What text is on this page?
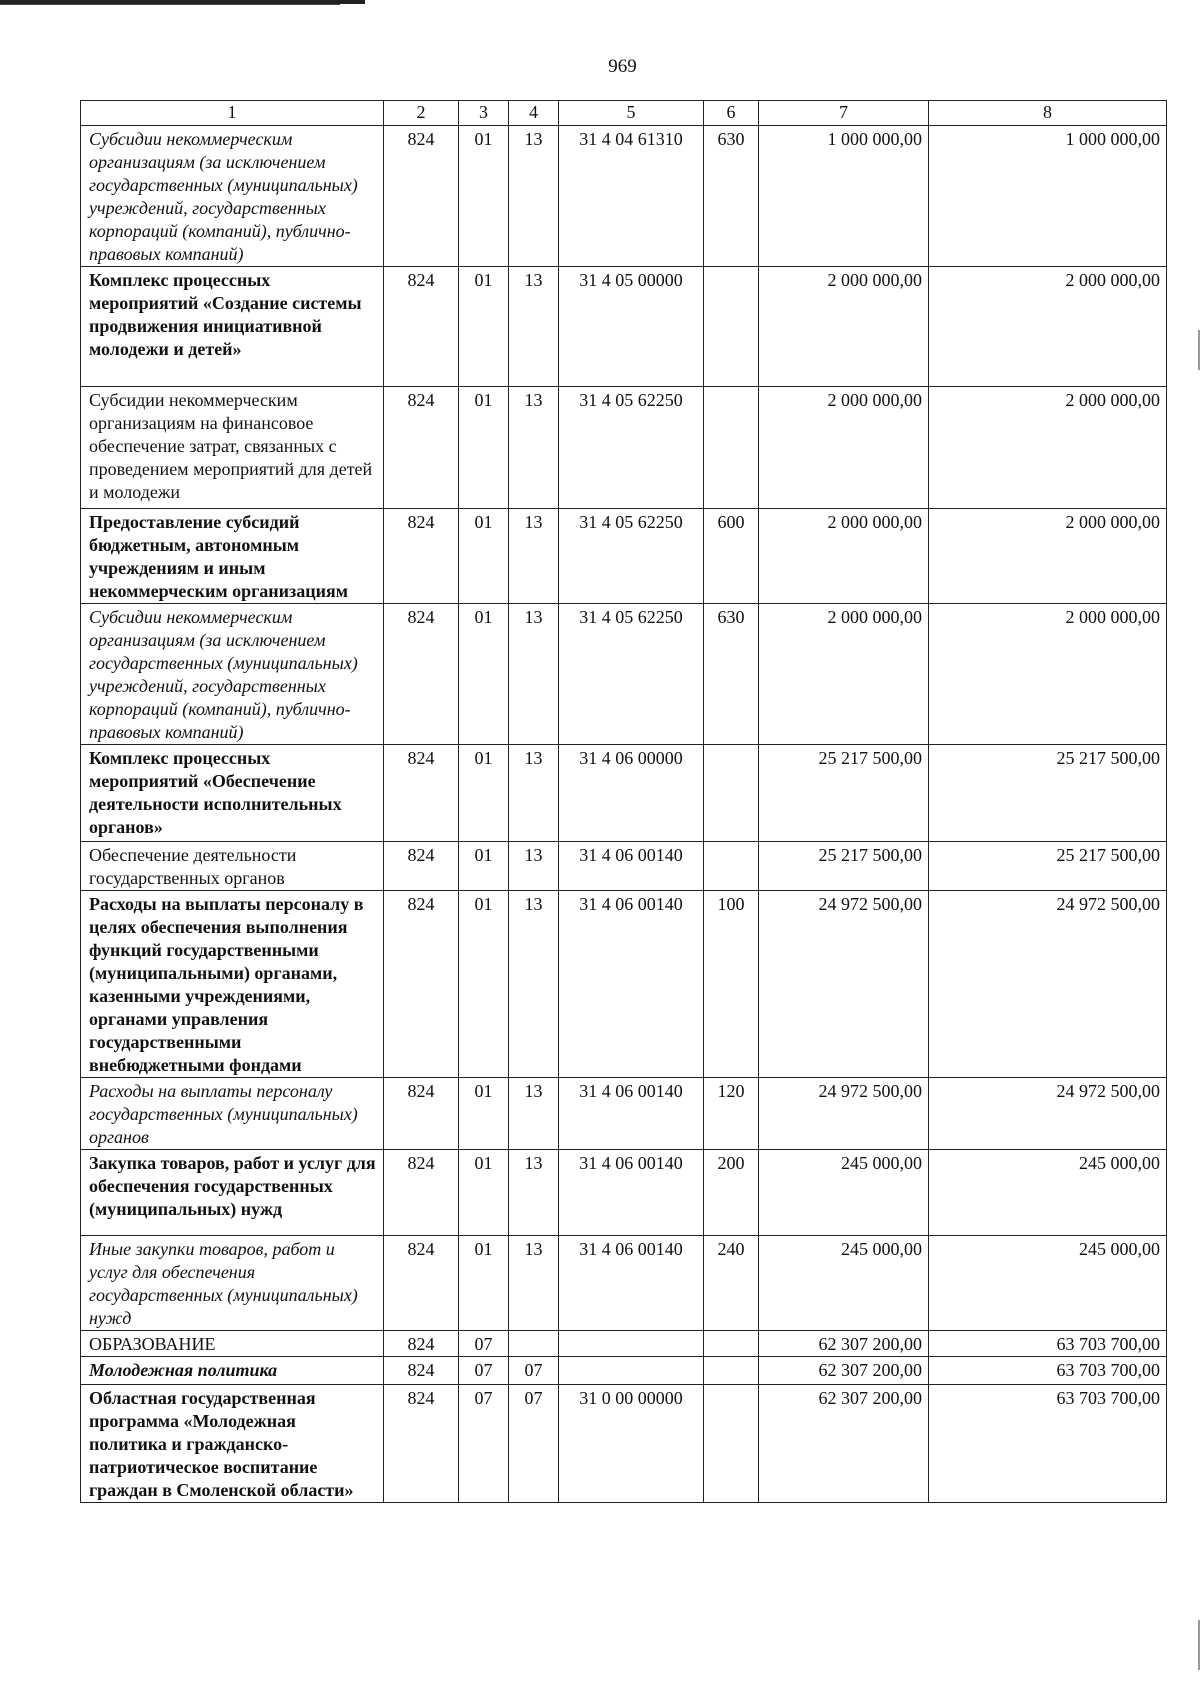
969
1	2	3	4	5	6	7	8
Субсидии некоммерческим организациям (за исключением государственных (муниципальных) учреждений, государственных корпораций (компаний), публично-правовых компаний)	824	01	13	31 4 04 61310	630	1 000 000,00	1 000 000,00
Комплекс процессных мероприятий «Создание системы продвижения инициативной молодежи и детей»	824	01	13	31 4 05 00000		2 000 000,00	2 000 000,00
Субсидии некоммерческим организациям на финансовое обеспечение затрат, связанных с проведением мероприятий для детей и молодежи	824	01	13	31 4 05 62250		2 000 000,00	2 000 000,00
Предоставление субсидий бюджетным, автономным учреждениям и иным некоммерческим организациям	824	01	13	31 4 05 62250	600	2 000 000,00	2 000 000,00
Субсидии некоммерческим организациям (за исключением государственных (муниципальных) учреждений, государственных корпораций (компаний), публично-правовых компаний)	824	01	13	31 4 05 62250	630	2 000 000,00	2 000 000,00
Комплекс процессных мероприятий «Обеспечение деятельности исполнительных органов»	824	01	13	31 4 06 00000		25 217 500,00	25 217 500,00
Обеспечение деятельности государственных органов	824	01	13	31 4 06 00140		25 217 500,00	25 217 500,00
Расходы на выплаты персоналу в целях обеспечения выполнения функций государственными (муниципальными) органами, казенными учреждениями, органами управления государственными внебюджетными фондами	824	01	13	31 4 06 00140	100	24 972 500,00	24 972 500,00
Расходы на выплаты персоналу государственных (муниципальных) органов	824	01	13	31 4 06 00140	120	24 972 500,00	24 972 500,00
Закупка товаров, работ и услуг для обеспечения государственных (муниципальных) нужд	824	01	13	31 4 06 00140	200	245 000,00	245 000,00
Иные закупки товаров, работ и услуг для обеспечения государственных (муниципальных) нужд	824	01	13	31 4 06 00140	240	245 000,00	245 000,00
ОБРАЗОВАНИЕ	824	07				62 307 200,00	63 703 700,00
Молодежная политика	824	07	07			62 307 200,00	63 703 700,00
Областная государственная программа «Молодежная политика и гражданско-патриотическое воспитание граждан в Смоленской области»	824	07	07	31 0 00 00000		62 307 200,00	63 703 700,00
